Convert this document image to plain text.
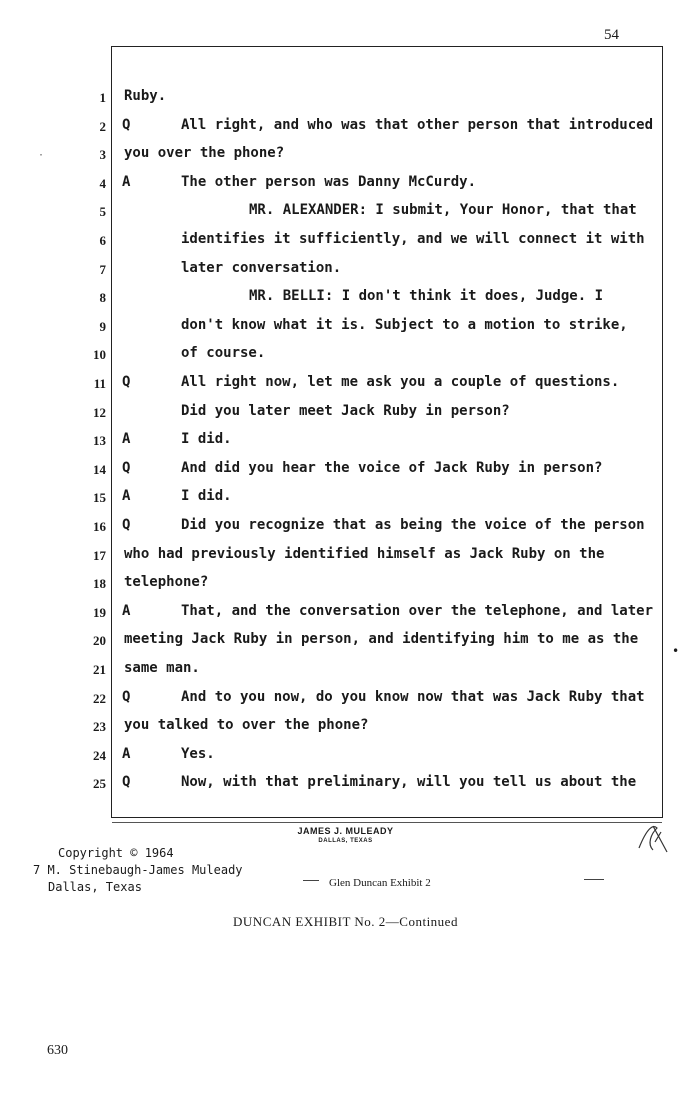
54
·
1 Ruby.
2 Q	All right, and who was that other person that introduced
3 you over the phone?
4 A	The other person was Danny McCurdy.
5	MR. ALEXANDER: I submit, Your Honor, that that
6	identifies it sufficiently, and we will connect it with
7	later conversation.
8	MR. BELLI: I don't think it does, Judge. I
9	don't know what it is. Subject to a motion to strike,
10	of course.
11 Q	All right now, let me ask you a couple of questions.
12	Did you later meet Jack Ruby in person?
13 A	I did.
14 Q	And did you hear the voice of Jack Ruby in person?
15 A	I did.
16 Q	Did you recognize that as being the voice of the person
17 who had previously identified himself as Jack Ruby on the
18 telephone?
19 A	That, and the conversation over the telephone, and later
20 meeting Jack Ruby in person, and identifying him to me as the
21 same man.
22 Q	And to you now, do you know now that was Jack Ruby that
23 you talked to over the phone?
24 A	Yes.
25 Q	Now, with that preliminary, will you tell us about the
•
JAMES J. MULEADY
DALLAS, TEXAS
Copyright © 1964
7 M. Stinebaugh-James Muleady
Dallas, Texas	Glen Duncan Exhibit 2
DUNCAN EXHIBIT No. 2—Continued
630
